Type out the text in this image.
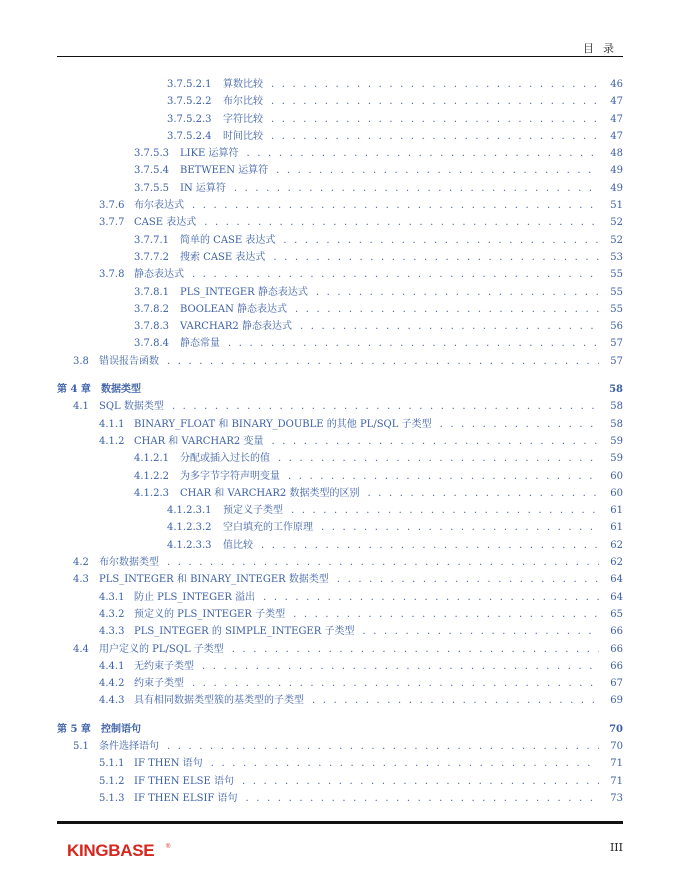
目录
3.7.5.2.1	算数比较 . . .	46
3.7.5.2.2	布尔比较 . . .	47
3.7.5.2.3	字符比较 . . .	47
3.7.5.2.4	时间比较 . . .	47
3.7.5.3	LIKE 运算符 . . .	48
3.7.5.4	BETWEEN 运算符 . . .	49
3.7.5.5	IN 运算符 . . .	49
3.7.6 布尔表达式 . . .	51
3.7.7 CASE 表达式 . . .	52
3.7.7.1	简单的 CASE 表达式 . . .	52
3.7.7.2	搜索 CASE 表达式 . . .	53
3.7.8 静态表达式 . . .	55
3.7.8.1	PLS_INTEGER 静态表达式 . . .	55
3.7.8.2	BOOLEAN 静态表达式 . . .	55
3.7.8.3	VARCHAR2 静态表达式 . . .	56
3.7.8.4	静态常量 . . .	57
3.8	错误报告函数 . . .	57
第 4 章	数据类型	58
4.1	SQL 数据类型 . . .	58
4.1.1 BINARY_FLOAT 和 BINARY_DOUBLE 的其他 PL/SQL 子类型 . . .	58
4.1.2 CHAR 和 VARCHAR2 变量 . . .	59
4.1.2.1	分配或插入过长的值 . . .	59
4.1.2.2	为多字节字符声明变量 . . .	60
4.1.2.3	CHAR 和 VARCHAR2 数据类型的区别 . . .	60
4.1.2.3.1	预定义子类型 . . .	61
4.1.2.3.2	空白填充的工作原理 . . .	61
4.1.2.3.3	值比较 . . .	62
4.2	布尔数据类型 . . .	62
4.3	PLS_INTEGER 和 BINARY_INTEGER 数据类型 . . .	64
4.3.1 防止 PLS_INTEGER 溢出 . . .	64
4.3.2 预定义的 PLS_INTEGER 子类型 . . .	65
4.3.3 PLS_INTEGER 的 SIMPLE_INTEGER 子类型 . . .	66
4.4	用户定义的 PL/SQL 子类型 . . .	66
4.4.1 无约束子类型 . . .	66
4.4.2 约束子类型 . . .	67
4.4.3 具有相同数据类型簇的基类型的子类型 . . .	69
第 5 章	控制语句	70
5.1	条件选择语句 . . .	70
5.1.1 IF THEN 语句 . . .	71
5.1.2 IF THEN ELSE 语句 . . .	71
5.1.3 IF THEN ELSIF 语句 . . .	73
KINGBASE ®	III
